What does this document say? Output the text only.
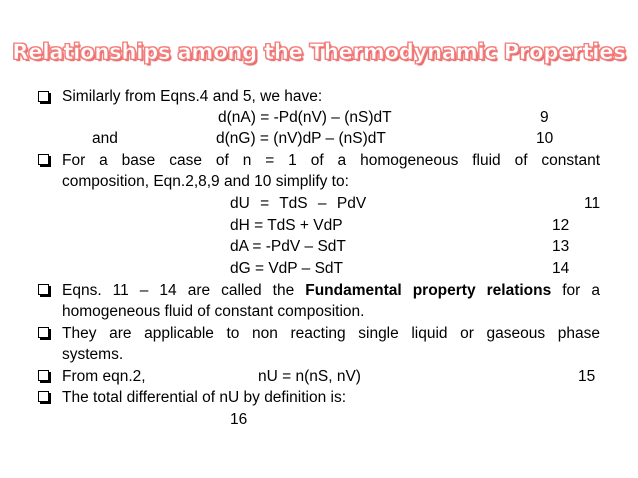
Relationships among the Thermodynamic Properties
Similarly from Eqns.4 and 5, we have:
d(nA) = -Pd(nV) – (nS)dT	9
and	d(nG) = (nV)dP – (nS)dT	10
For a base case of n = 1 of a homogeneous fluid of constant
composition, Eqn.2,8,9 and 10 simplify to:
dU = TdS – PdV	11
dH = TdS + VdP	12
dA = -PdV – SdT	13
dG = VdP – SdT	14
Eqns. 11 – 14 are called the Fundamental property relations for a
homogeneous fluid of constant composition.
They are applicable to non reacting single liquid or gaseous phase
systems.
From eqn.2,	nU = n(nS, nV)	15
The total differential of nU by definition is:
16
